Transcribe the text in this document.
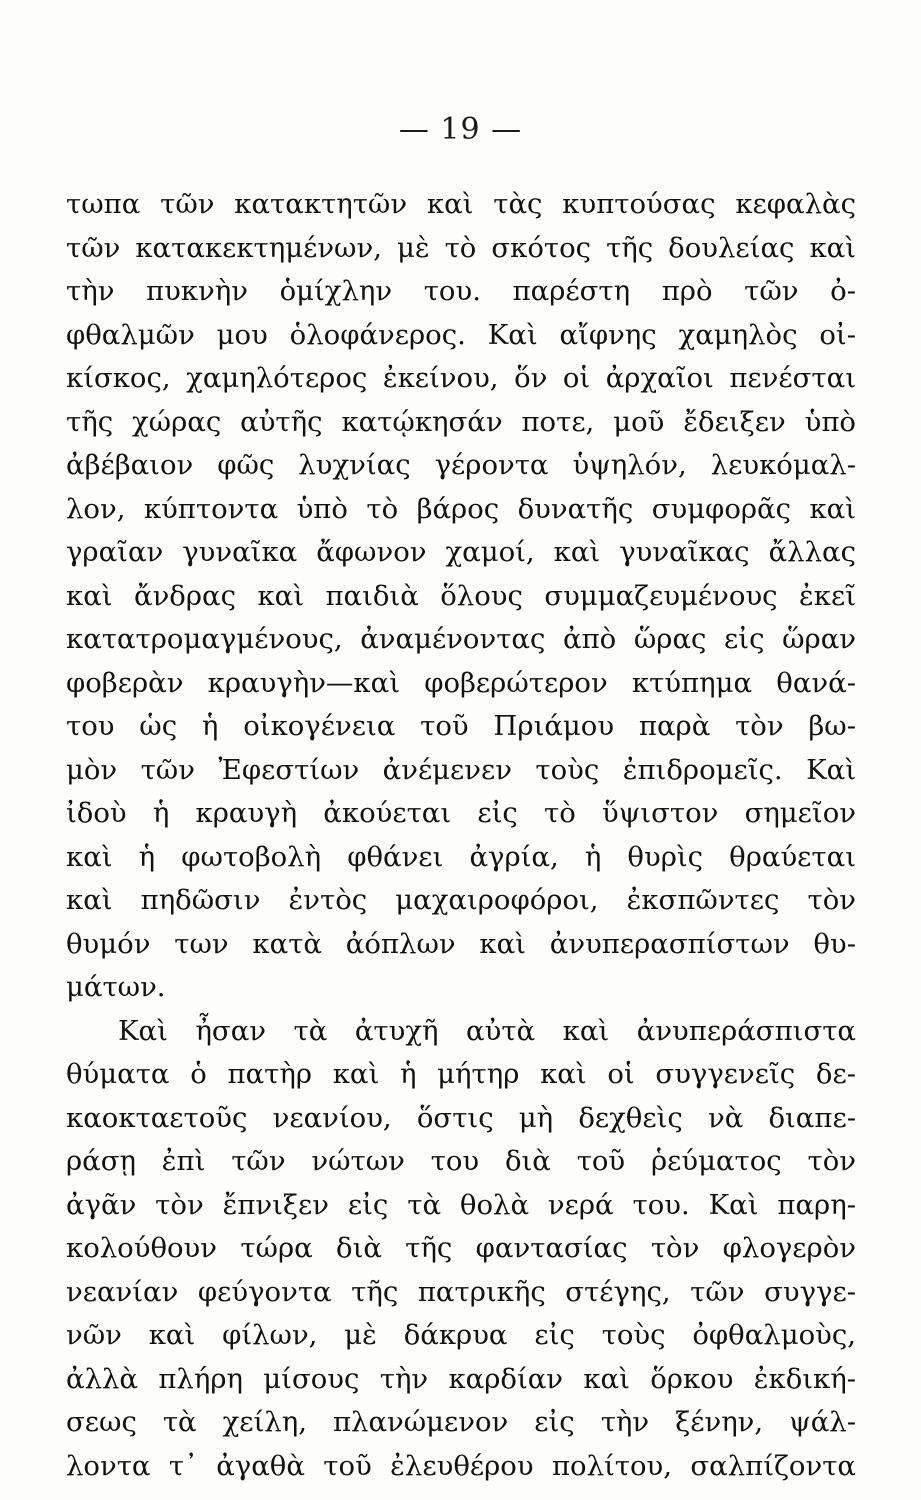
— 19 —
τωπα τῶν κατακτητῶν καὶ τὰς κυπτούσας κεφαλὰς
τῶν κατακεκτημένων, μὲ τὸ σκότος τῆς δουλείας καὶ
τὴν πυκνὴν ὁμίχλην του. παρέστη πρὸ τῶν ὀ-
φθαλμῶν μου ὁλοφάνερος. Καὶ αἴφνης χαμηλὸς οἰ-
κίσκος, χαμηλότερος ἐκείνου, ὅν οἱ ἀρχαῖοι πενέσται
τῆς χώρας αὐτῆς κατῴκησάν ποτε, μοῦ ἔδειξεν ὑπὸ
ἀβέβαιον φῶς λυχνίας γέροντα ὑψηλόν, λευκόμαλ-
λον, κύπτοντα ὑπὸ τὸ βάρος δυνατῆς συμφορᾶς καὶ
γραῖαν γυναῖκα ἄφωνον χαμοί, καὶ γυναῖκας ἄλλας
καὶ ἄνδρας καὶ παιδιὰ ὅλους συμμαζευμένους ἐκεῖ
κατατρομαγμένους, ἀναμένοντας ἀπὸ ὥρας εἰς ὥραν
φοβερὰν κραυγὴν—καὶ φοβερώτερον κτύπημα θανά-
του ὡς ἡ οἰκογένεια τοῦ Πριάμου παρὰ τὸν βω-
μὸν τῶν Ἐφεστίων ἀνέμενεν τοὺς ἐπιδρομεῖς. Καὶ
ἰδοὺ ἡ κραυγὴ ἀκούεται εἰς τὸ ὕψιστον σημεῖον
καὶ ἡ φωτοβολὴ φθάνει ἀγρία, ἡ θυρὶς θραύεται
καὶ πηδῶσιν ἐντὸς μαχαιροφόροι, ἐκσπῶντες τὸν
θυμόν των κατὰ ἀόπλων καὶ ἀνυπερασπίστων θυ-
μάτων.
Καὶ ἦσαν τὰ ἀτυχῆ αὐτὰ καὶ ἀνυπεράσπιστα
θύματα ὁ πατὴρ καὶ ἡ μήτηρ καὶ οἱ συγγενεῖς δε-
καοκταετοῦς νεανίου, ὅστις μὴ δεχθεὶς νὰ διαπε-
ράσῃ ἐπὶ τῶν νώτων του διὰ τοῦ ῥεύματος τὸν
ἀγᾶν τὸν ἔπνιξεν εἰς τὰ θολὰ νερά του. Καὶ παρη-
κολούθουν τώρα διὰ τῆς φαντασίας τὸν φλογερὸν
νεανίαν φεύγοντα τῆς πατρικῆς στέγης, τῶν συγγε-
νῶν καὶ φίλων, μὲ δάκρυα εἰς τοὺς ὀφθαλμοὺς,
ἀλλὰ πλήρη μίσους τὴν καρδίαν καὶ ὅρκου ἐκδική-
σεως τὰ χείλη, πλανώμενον εἰς τὴν ξένην, ψάλ-
λοντα τ᾽ ἀγαθὰ τοῦ ἐλευθέρου πολίτου, σαλπίζοντα
